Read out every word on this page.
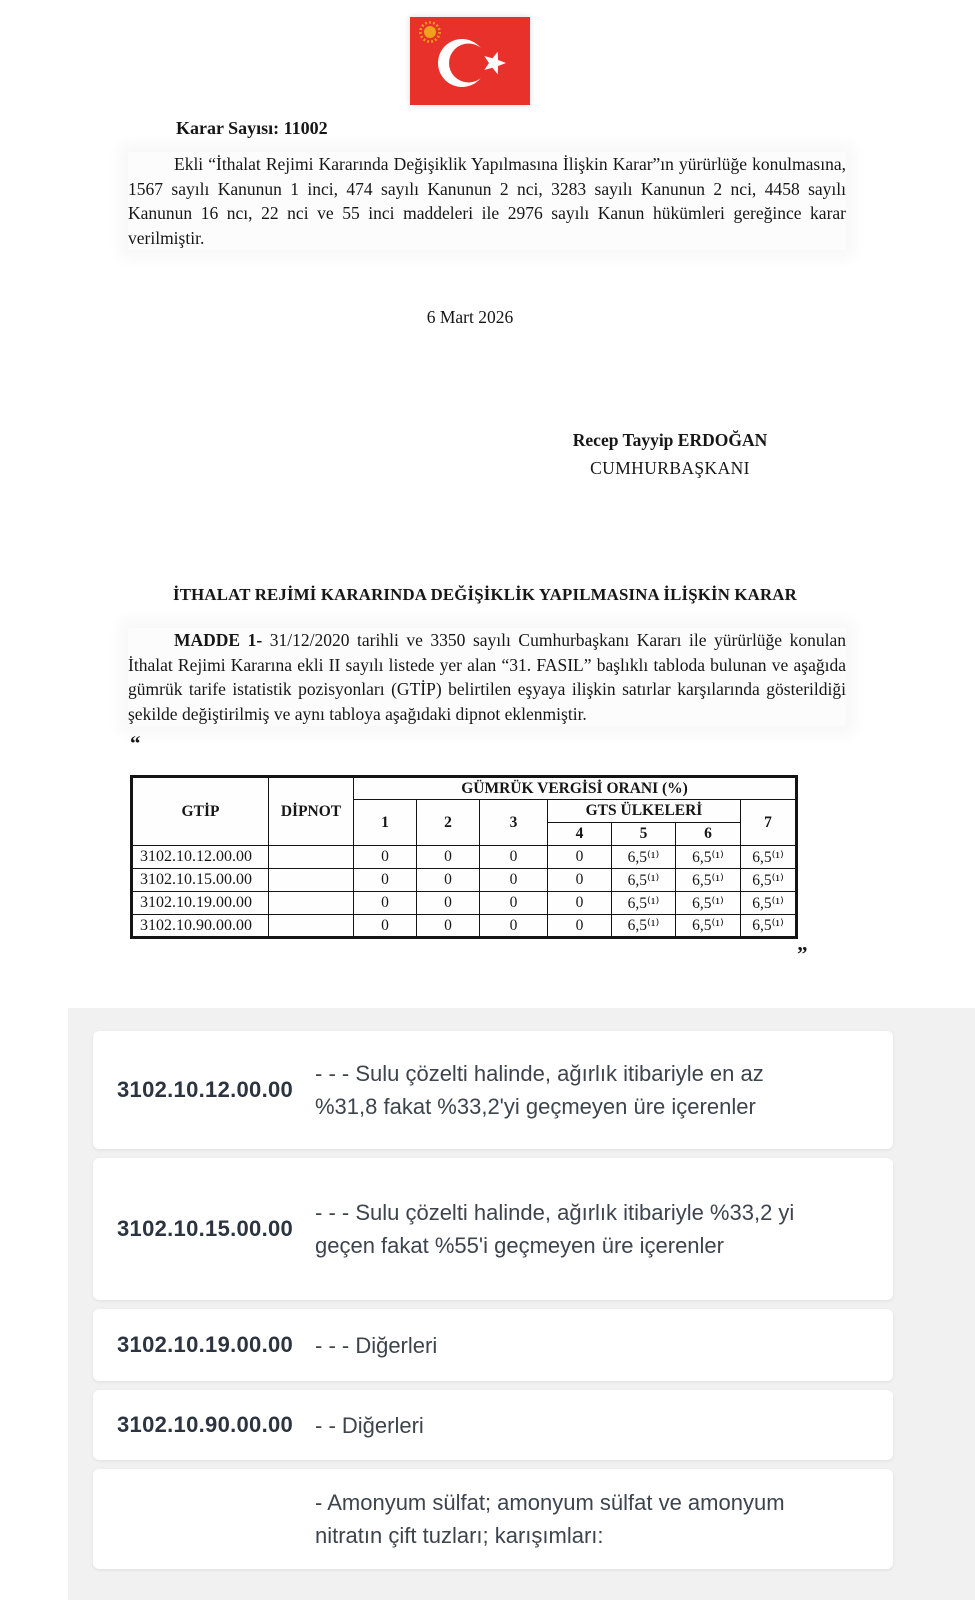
Karar Sayısı: 11002

Ekli “İthalat Rejimi Kararında Değişiklik Yapılmasına İlişkin Karar”ın yürürlüğe konulmasına, 1567 sayılı Kanunun 1 inci, 474 sayılı Kanunun 2 nci, 3283 sayılı Kanunun 2 nci, 4458 sayılı Kanunun 16 ncı, 22 nci ve 55 inci maddeleri ile 2976 sayılı Kanun hükümleri gereğince karar verilmiştir.

6 Mart 2026
Recep Tayyip ERDOĞAN
CUMHURBAŞKANI
İTHALAT REJİMİ KARARINDA DEĞİŞİKLİK YAPILMASINA İLİŞKİN KARAR

MADDE 1- 31/12/2020 tarihli ve 3350 sayılı Cumhurbaşkanı Kararı ile yürürlüğe konulan İthalat Rejimi Kararına ekli II sayılı listede yer alan “31. FASIL” başlıklı tabloda bulunan ve aşağıda gümrük tarife istatistik pozisyonları (GTİP) belirtilen eşyaya ilişkin satırlar karşılarında gösterildiği şekilde değiştirilmiş ve aynı tabloya aşağıdaki dipnot eklenmiştir.

“
GTİP	DİPNOT	GÜMRÜK VERGİSİ ORANI (%)						
		1	2	3	GTS ÜLKELERİ			7
					4	5	6	
3102.10.12.00.00		0	0	0	0	6,5⁽¹⁾	6,5⁽¹⁾	6,5⁽¹⁾
3102.10.15.00.00		0	0	0	0	6,5⁽¹⁾	6,5⁽¹⁾	6,5⁽¹⁾
3102.10.19.00.00		0	0	0	0	6,5⁽¹⁾	6,5⁽¹⁾	6,5⁽¹⁾
3102.10.90.00.00		0	0	0	0	6,5⁽¹⁾	6,5⁽¹⁾	6,5⁽¹⁾
”
3102.10.12.00.00
- - - Sulu çözelti halinde, ağırlık itibariyle en az %31,8 fakat %33,2'yi geçmeyen üre içerenler
3102.10.15.00.00
- - - Sulu çözelti halinde, ağırlık itibariyle %33,2 yi geçen fakat %55'i geçmeyen üre içerenler
3102.10.19.00.00 - - - Diğerleri
3102.10.90.00.00 - - Diğerleri
- Amonyum sülfat; amonyum sülfat ve amonyum nitratın çift tuzları; karışımları:
